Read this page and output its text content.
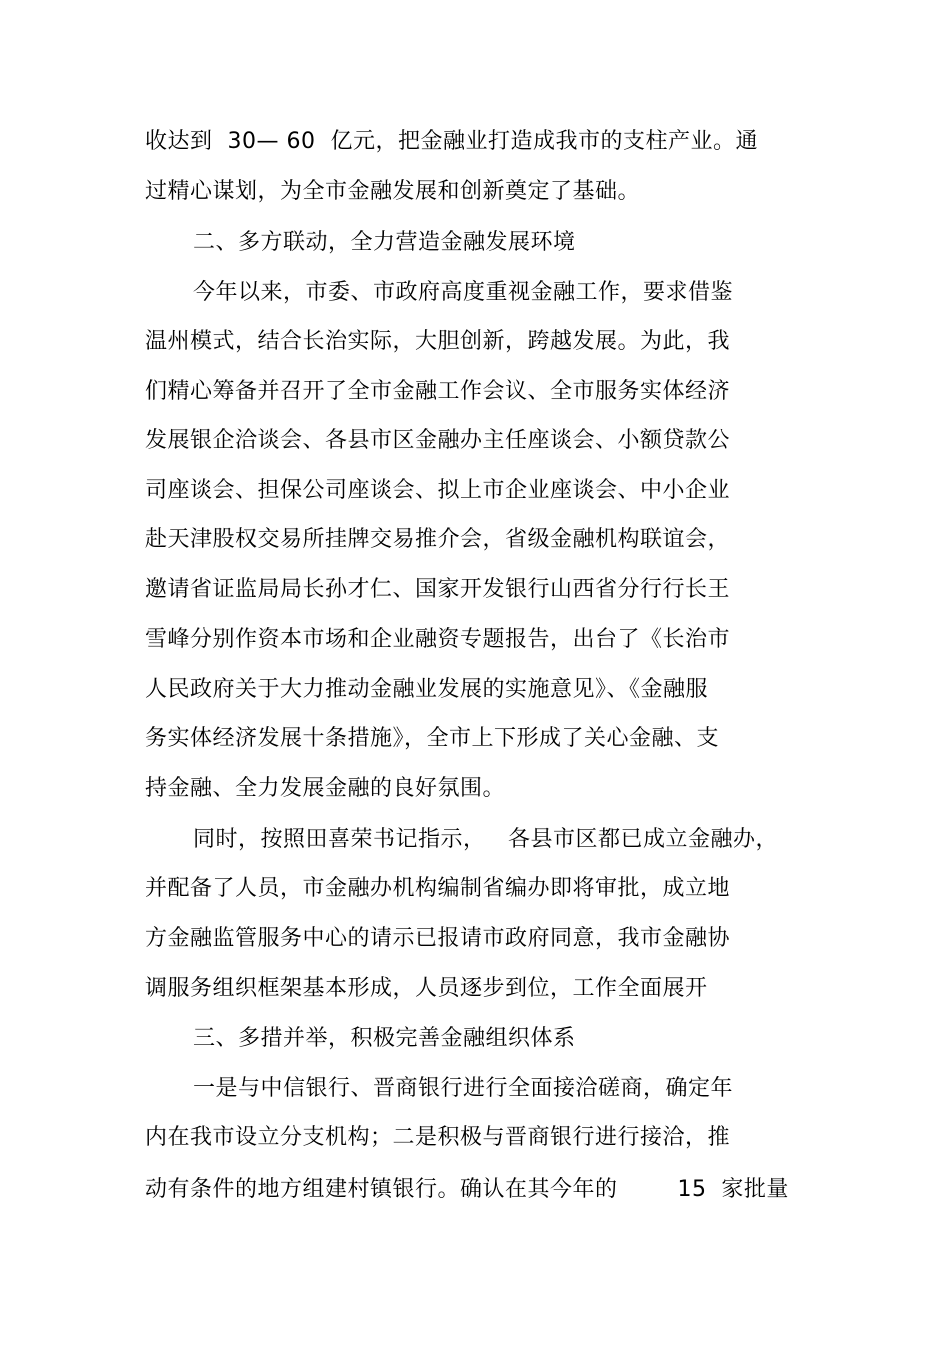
收达到  30— 60  亿元，把金融业打造成我市的支柱产业。通
过精心谋划，为全市金融发展和创新奠定了基础。
二、多方联动，全力营造金融发展环境
今年以来，市委、市政府高度重视金融工作，要求借鉴
温州模式，结合长治实际，大胆创新，跨越发展。为此，我
们精心筹备并召开了全市金融工作会议、全市服务实体经济
发展银企洽谈会、各县市区金融办主任座谈会、小额贷款公
司座谈会、担保公司座谈会、拟上市企业座谈会、中小企业
赴天津股权交易所挂牌交易推介会，省级金融机构联谊会，
邀请省证监局局长孙才仁、国家开发银行山西省分行行长王
雪峰分别作资本市场和企业融资专题报告，出台了《长治市
人民政府关于大力推动金融业发展的实施意见》、《金融服
务实体经济发展十条措施》，全市上下形成了关心金融、支
持金融、全力发展金融的良好氛围。
同时，按照田喜荣书记指示，   各县市区都已成立金融办，
并配备了人员，市金融办机构编制省编办即将审批，成立地
方金融监管服务中心的请示已报请市政府同意，我市金融协
调服务组织框架基本形成，人员逐步到位，工作全面展开
三、多措并举，积极完善金融组织体系
一是与中信银行、晋商银行进行全面接洽磋商，确定年
内在我市设立分支机构；二是积极与晋商银行进行接洽，推
动有条件的地方组建村镇银行。确认在其今年的        15  家批量
